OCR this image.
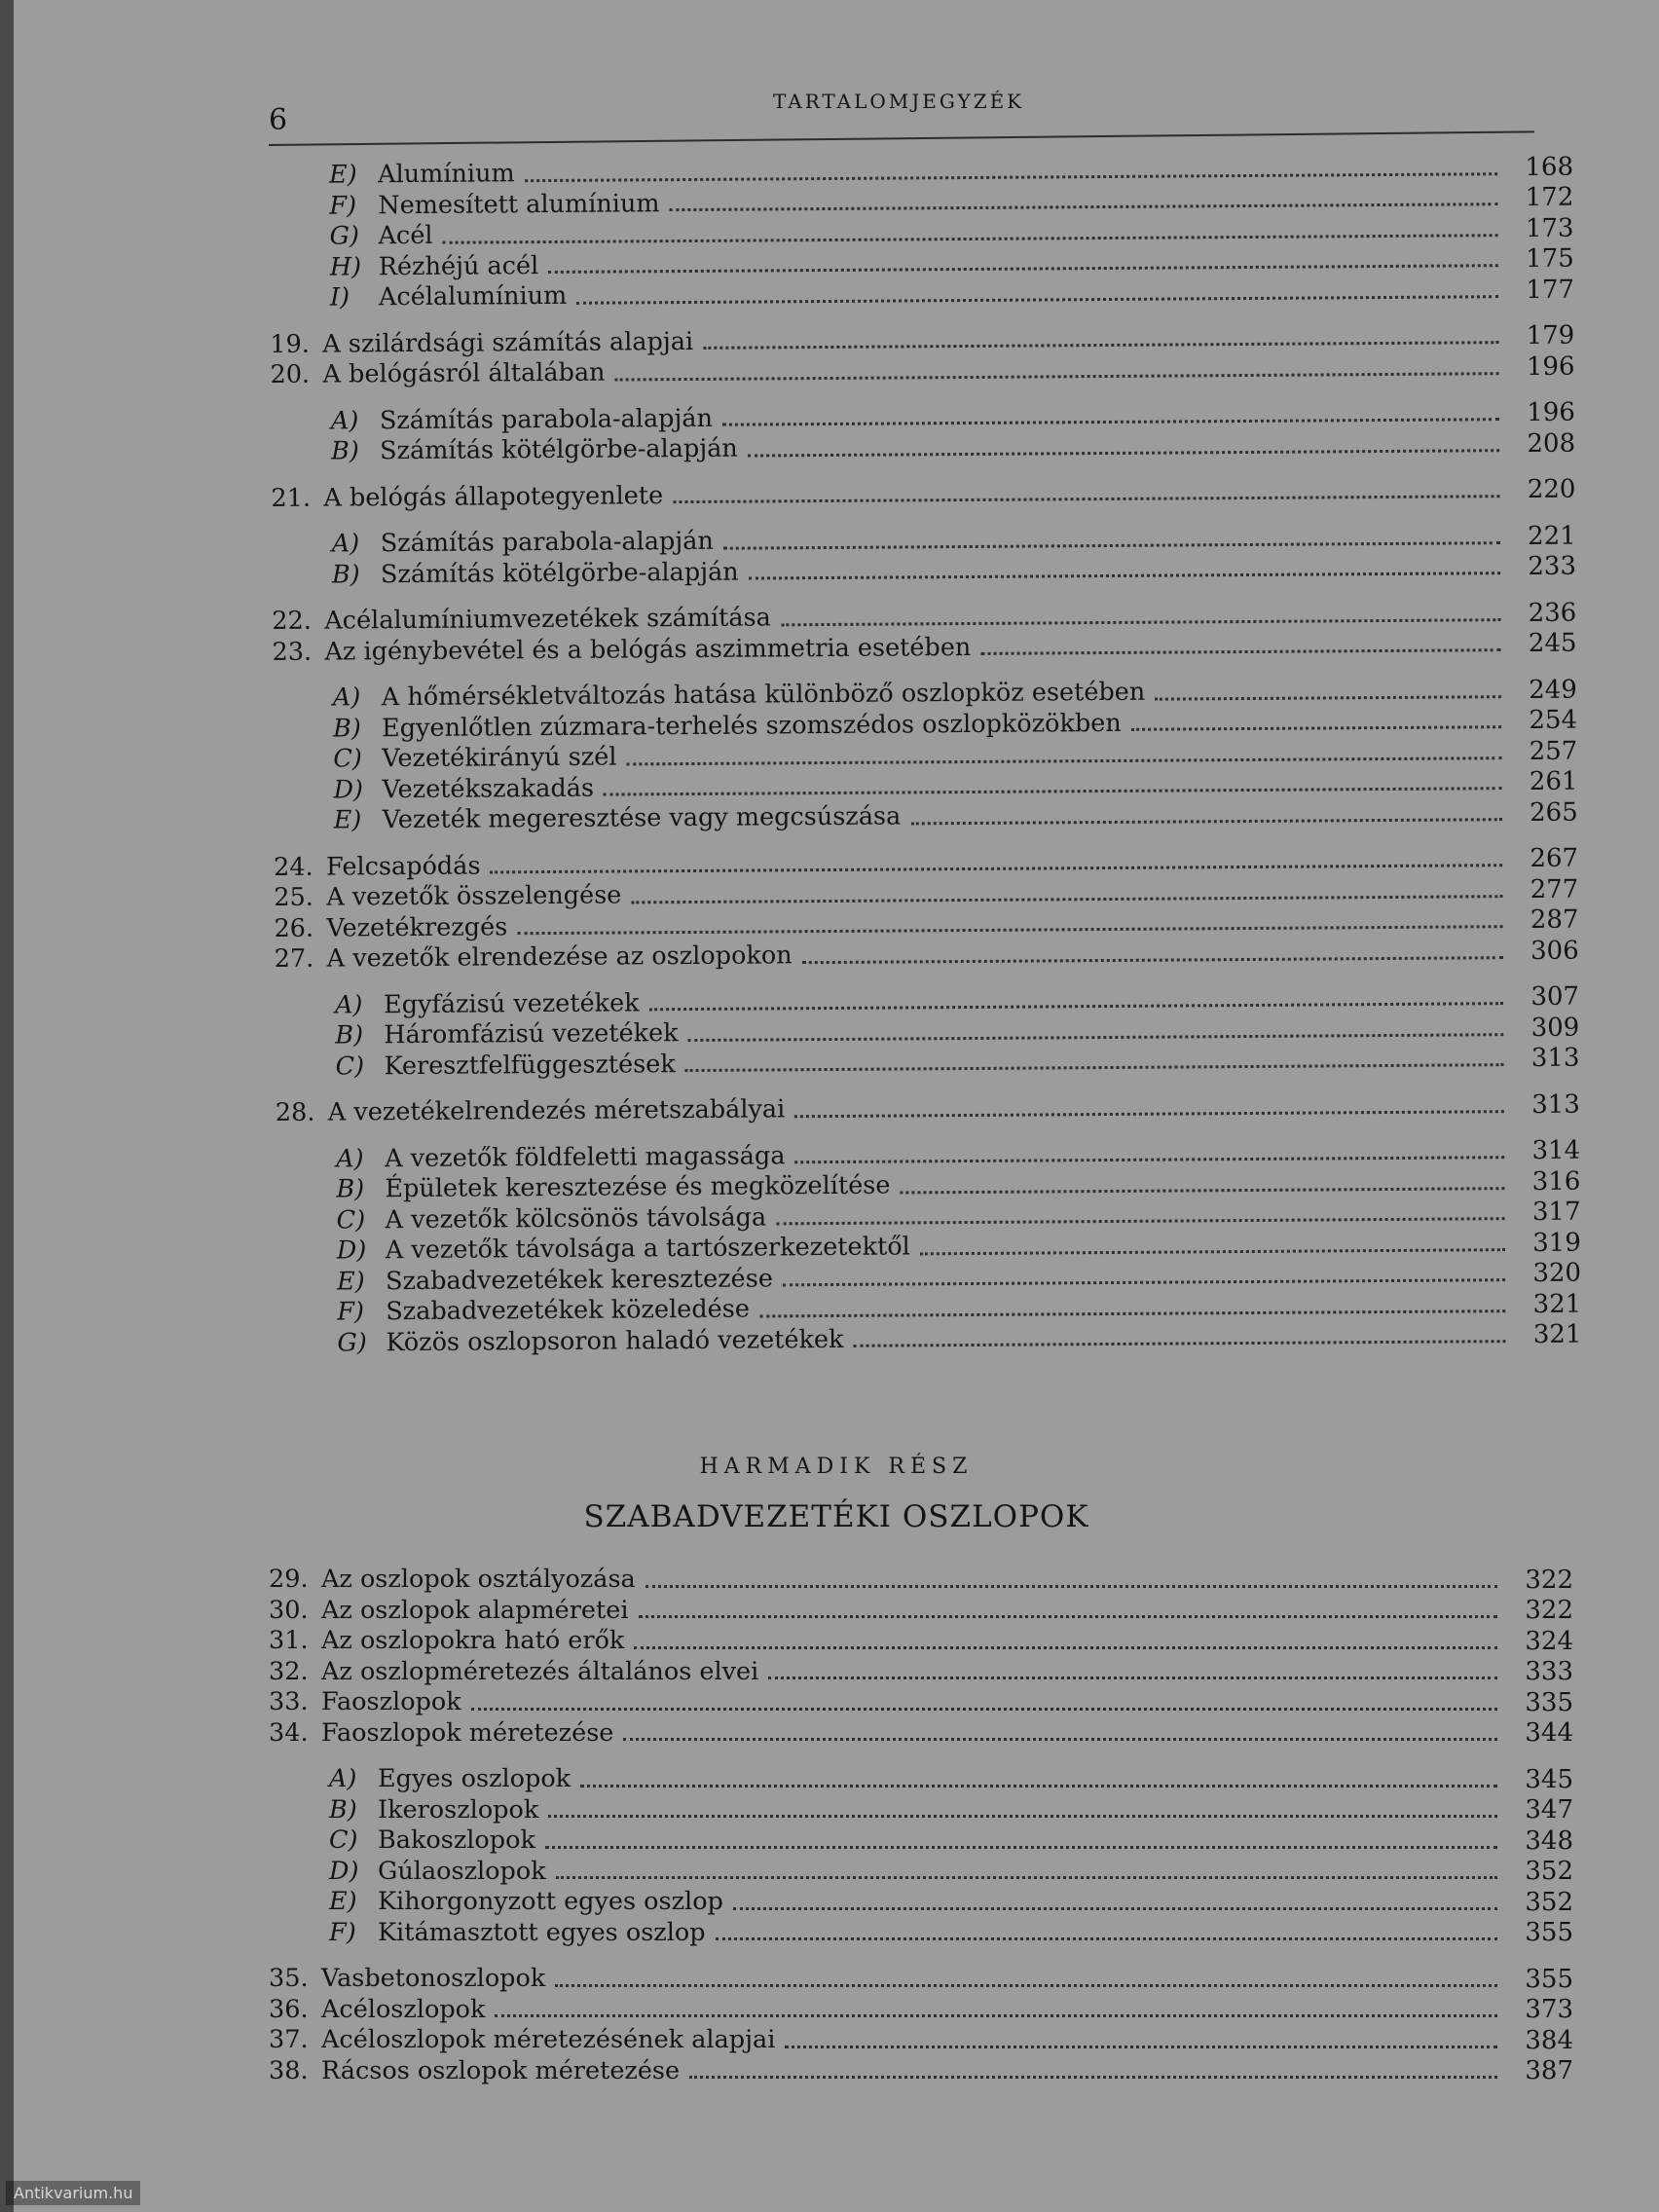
6
TARTALOMJEGYZÉK
E) Alumínium	168
F) Nemesített alumínium	172
G) Acél	173
H) Rézhéjú acél	175
I)	Acélalumínium	177
19. A szilárdsági számítás alapjai	179
20. A belógásról általában	196
A) Számítás parabola-alapján	196
B) Számítás kötélgörbe-alapján	208
21. A belógás állapotegyenlete	220
A) Számítás parabola-alapján	221
B) Számítás kötélgörbe-alapján	233
22. Acélalumíniumvezetékek számítása	236
23. Az igénybevétel és a belógás aszimmetria esetében	245
A) A hőmérsékletváltozás hatása különböző oszlopköz esetében	249
B) Egyenlőtlen zúzmara-terhelés szomszédos oszlopközökben	254
C) Vezetékirányú szél	257
D) Vezetékszakadás	261
E) Vezeték megeresztése vagy megcsúszása	265
24. Felcsapódás	267
25. A vezetők összelengése	277
26. Vezetékrezgés	287
27. A vezetők elrendezése az oszlopokon	306
A) Egyfázisú vezetékek	307
B) Háromfázisú vezetékek	309
C) Keresztfelfüggesztések	313
28. A vezetékelrendezés méretszabályai	313
A) A vezetők földfeletti magassága	314
B) Épületek keresztezése és megközelítése	316
C) A vezetők kölcsönös távolsága	317
D) A vezetők távolsága a tartószerkezetektől	319
E) Szabadvezetékek keresztezése	320
F) Szabadvezetékek közeledése	321
G) Közös oszlopsoron haladó vezetékek	321
HARMADIK RÉSZ
SZABADVEZETÉKI OSZLOPOK
29. Az oszlopok osztályozása	322
30. Az oszlopok alapméretei	322
31. Az oszlopokra ható erők	324
32. Az oszlopméretezés általános elvei	333
33. Faoszlopok	335
34. Faoszlopok méretezése	344
A) Egyes oszlopok	345
B) Ikeroszlopok	347
C) Bakoszlopok	348
D) Gúlaoszlopok	352
E) Kihorgonyzott egyes oszlop	352
F) Kitámasztott egyes oszlop	355
35. Vasbetonoszlopok	355
36. Acéloszlopok	373
37. Acéloszlopok méretezésének alapjai	384
38. Rácsos oszlopok méretezése	387
Antikvarium.hu
